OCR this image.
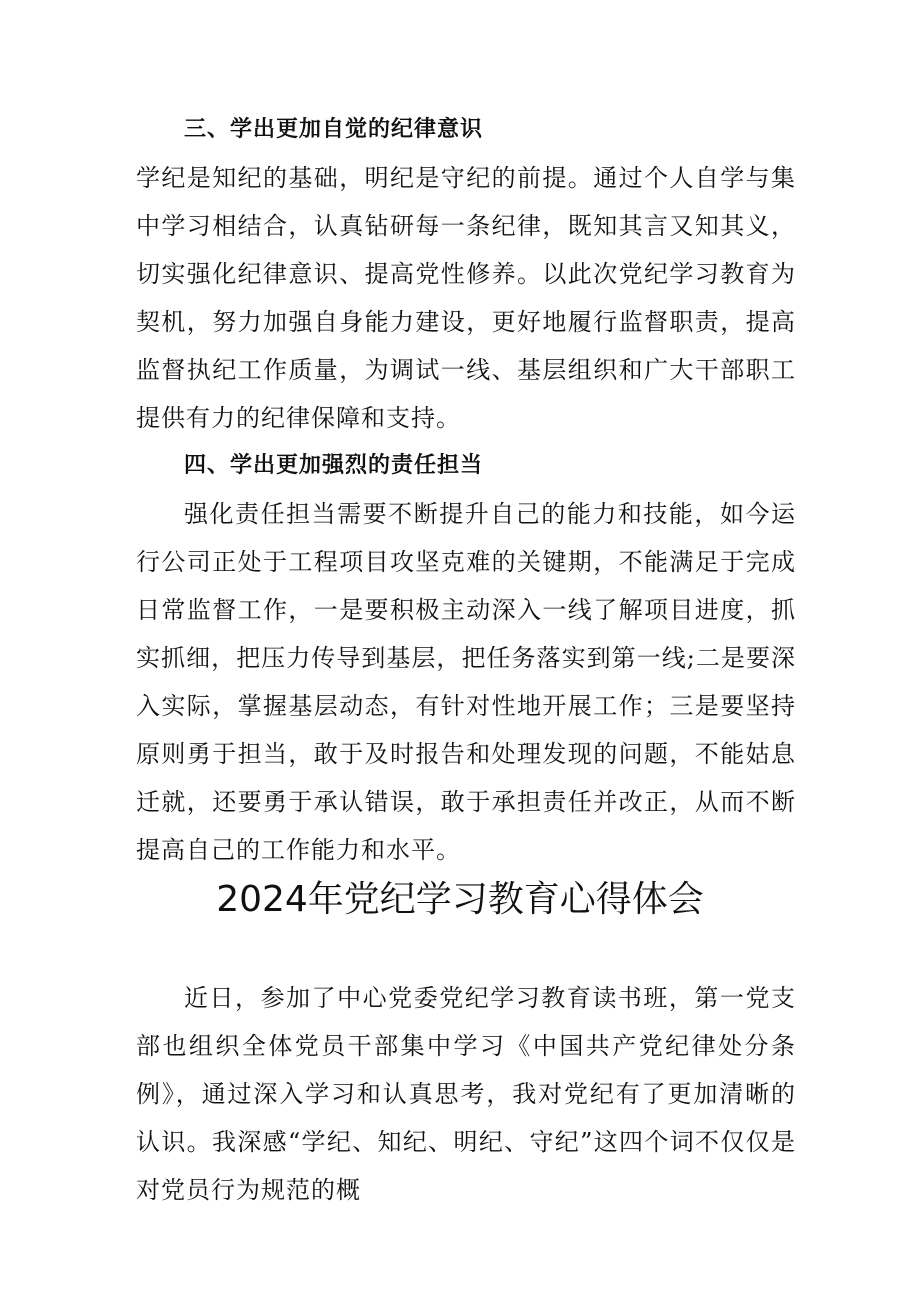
三、学出更加自觉的纪律意识

学纪是知纪的基础，明纪是守纪的前提。通过个人自学与集中学习相结合，认真钻研每一条纪律，既知其言又知其义，切实强化纪律意识、提高党性修养。以此次党纪学习教育为契机，努力加强自身能力建设，更好地履行监督职责，提高监督执纪工作质量，为调试一线、基层组织和广大干部职工提供有力的纪律保障和支持。

四、学出更加强烈的责任担当

强化责任担当需要不断提升自己的能力和技能，如今运行公司正处于工程项目攻坚克难的关键期，不能满足于完成日常监督工作，一是要积极主动深入一线了解项目进度，抓实抓细，把压力传导到基层，把任务落实到第一线;二是要深入实际，掌握基层动态，有针对性地开展工作；三是要坚持原则勇于担当，敢于及时报告和处理发现的问题，不能姑息迁就，还要勇于承认错误，敢于承担责任并改正，从而不断提高自己的工作能力和水平。

2024年党纪学习教育心得体会

近日，参加了中心党委党纪学习教育读书班，第一党支部也组织全体党员干部集中学习《中国共产党纪律处分条例》，通过深入学习和认真思考，我对党纪有了更加清晰的认识。我深感“学纪、知纪、明纪、守纪”这四个词不仅仅是对党员行为规范的概
